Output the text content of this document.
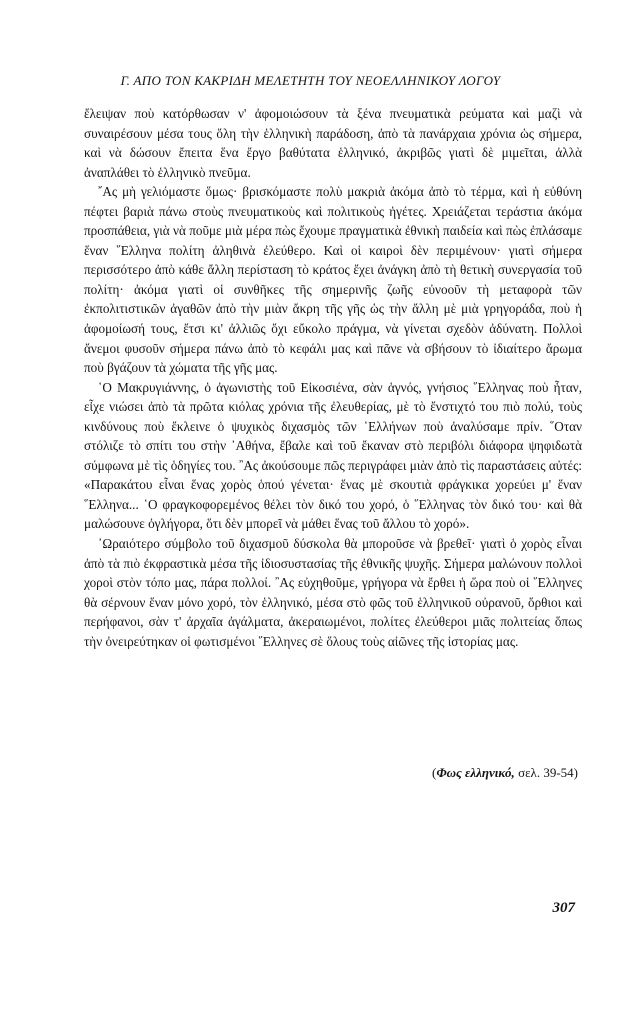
Γ. ΑΠΟ ΤΟΝ ΚΑΚΡΙΔΗ ΜΕΛΕΤΗΤΗ ΤΟΥ ΝΕΟΕΛΛΗΝΙΚΟΥ ΛΟΓΟΥ

ἔλειψαν ποὺ κατόρθωσαν ν' ἀφομοιώσουν τὰ ξένα πνευματικὰ ρεύματα καὶ μαζὶ νὰ συναιρέσουν μέσα τους ὅλη τὴν ἑλληνικὴ παράδοση, ἀπὸ τὰ πανάρχαια χρόνια ὡς σήμερα, καὶ νὰ δώσουν ἔπειτα ἕνα ἔργο βαθύτατα ἑλληνικό, ἀκριβῶς γιατὶ δὲ μιμεῖται, ἀλλὰ ἀναπλάθει τὸ ἑλληνικὸ πνεῦμα.

῎Ας μὴ γελιόμαστε ὅμως· βρισκόμαστε πολὺ μακριὰ ἀκόμα ἀπὸ τὸ τέρμα, καὶ ἡ εὐθύνη πέφτει βαριὰ πάνω στοὺς πνευματικοὺς καὶ πολιτικοὺς ἡγέτες. Χρειάζεται τεράστια ἀκόμα προσπάθεια, γιὰ νὰ ποῦμε μιὰ μέρα πὼς ἔχουμε πραγματικὰ ἐθνικὴ παιδεία καὶ πὼς ἐπλάσαμε ἕναν ῞Ελληνα πολίτη ἀληθινὰ ἐλεύθερο. Καὶ οἱ καιροὶ δὲν περιμένουν· γιατὶ σήμερα περισσότερο ἀπὸ κάθε ἄλλη περίσταση τὸ κράτος ἔχει ἀνάγκη ἀπὸ τὴ θετικὴ συνεργασία τοῦ πολίτη· ἀκόμα γιατὶ οἱ συνθῆκες τῆς σημερινῆς ζωῆς εὐνοοῦν τὴ μεταφορὰ τῶν ἐκπολιτιστικῶν ἀγαθῶν ἀπὸ τὴν μιὰν ἄκρη τῆς γῆς ὡς τὴν ἄλλη μὲ μιὰ γρηγοράδα, ποὺ ἡ ἀφομοίωσή τους, ἔτσι κι' ἀλλιῶς ὄχι εὔκολο πράγμα, νὰ γίνεται σχεδὸν ἀδύνατη. Πολλοὶ ἄνεμοι φυσοῦν σήμερα πάνω ἀπὸ τὸ κεφάλι μας καὶ πᾶνε νὰ σβήσουν τὸ ἰδιαίτερο ἄρωμα ποὺ βγάζουν τὰ χώματα τῆς γῆς μας.

῾Ο Μακρυγιάννης, ὁ ἀγωνιστὴς τοῦ Εἰκοσιένα, σὰν ἁγνός, γνήσιος ῞Ελληνας ποὺ ἦταν, εἶχε νιώσει ἀπὸ τὰ πρῶτα κιόλας χρόνια τῆς ἐλευθερίας, μὲ τὸ ἔνστιχτό του πιὸ πολύ, τοὺς κινδύνους ποὺ ἔκλεινε ὁ ψυχικὸς διχασμὸς τῶν ῾Ελλήνων ποὺ ἀναλύσαμε πρίν. ῞Οταν στόλιζε τὸ σπίτι του στὴν ᾿Αθήνα, ἔβαλε καὶ τοῦ ἔκαναν στὸ περιβόλι διάφορα ψηφιδωτὰ σύμφωνα μὲ τὶς ὁδηγίες του. ῍Ας ἀκούσουμε πῶς περιγράφει μιὰν ἀπὸ τὶς παραστάσεις αὐτές: «Παρακάτου εἶναι ἕνας χορὸς ὁπού γένεται· ἕνας μὲ σκουτιὰ φράγκικα χορεύει μ' ἕναν ῞Ελληνα... ῾Ο φραγκοφορεμένος θέλει τὸν δικό του χορό, ὁ ῞Ελληνας τὸν δικό του· καὶ θὰ μαλώσουνε ὀγλήγορα, ὅτι δὲν μπορεῖ νὰ μάθει ἕνας τοῦ ἄλλου τὸ χορό».

᾿Ωραιότερο σύμβολο τοῦ διχασμοῦ δύσκολα θὰ μποροῦσε νὰ βρεθεῖ· γιατὶ ὁ χορὸς εἶναι ἀπὸ τὰ πιὸ ἐκφραστικὰ μέσα τῆς ἰδιοσυστασίας τῆς ἐθνικῆς ψυχῆς. Σήμερα μαλώνουν πολλοὶ χοροὶ στὸν τόπο μας, πάρα πολλοί. ῍Ας εὐχηθοῦμε, γρήγορα νὰ ἔρθει ἡ ὥρα ποὺ οἱ ῞Ελληνες θὰ σέρνουν ἕναν μόνο χορό, τὸν ἑλληνικό, μέσα στὸ φῶς τοῦ ἑλληνικοῦ οὐρανοῦ, ὄρθιοι καὶ περήφανοι, σὰν τ' ἀρχαῖα ἀγάλματα, ἀκεραιωμένοι, πολίτες ἐλεύθεροι μιᾶς πολιτείας ὅπως τὴν ὀνειρεύτηκαν οἱ φωτισμένοι ῞Ελληνες σὲ ὅλους τοὺς αἰῶνες τῆς ἱστορίας μας.

(Φως ελληνικό, σελ. 39-54)
307
